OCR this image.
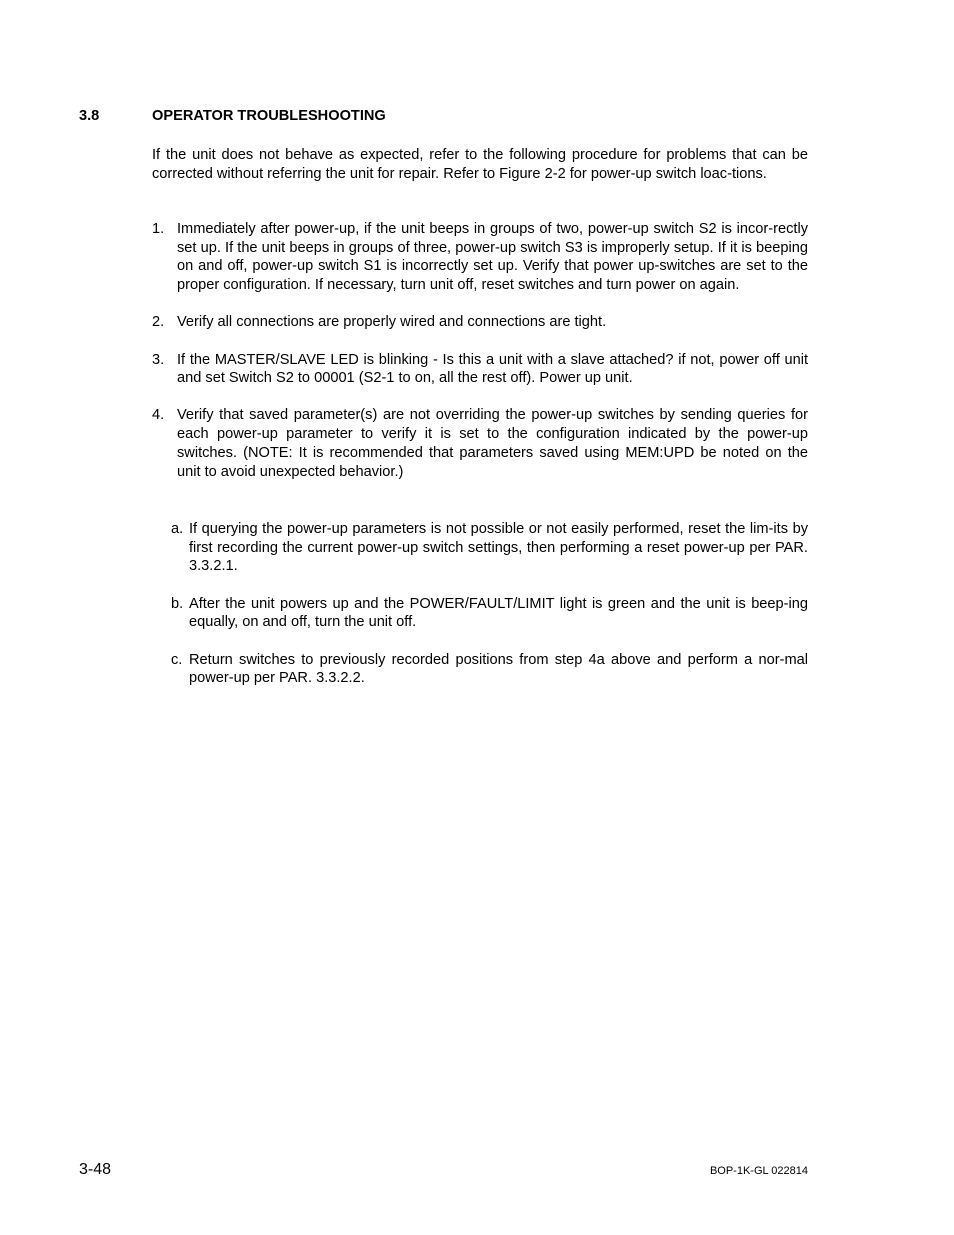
3.8	OPERATOR TROUBLESHOOTING
If the unit does not behave as expected, refer to the following procedure for problems that can be corrected without referring the unit for repair. Refer to Figure 2-2 for power-up switch loac-tions.
1. Immediately after power-up, if the unit beeps in groups of two, power-up switch S2 is incor-rectly set up. If the unit beeps in groups of three, power-up switch S3 is improperly setup. If it is beeping on and off, power-up switch S1 is incorrectly set up. Verify that power up-switches are set to the proper configuration. If necessary, turn unit off, reset switches and turn power on again.
2. Verify all connections are properly wired and connections are tight.
3. If the MASTER/SLAVE LED is blinking - Is this a unit with a slave attached? if not, power off unit and set Switch S2 to 00001 (S2-1 to on, all the rest off). Power up unit.
4. Verify that saved parameter(s) are not overriding the power-up switches by sending queries for each power-up parameter to verify it is set to the configuration indicated by the power-up switches. (NOTE: It is recommended that parameters saved using MEM:UPD be noted on the unit to avoid unexpected behavior.)
a. If querying the power-up parameters is not possible or not easily performed, reset the lim-its by first recording the current power-up switch settings, then performing a reset power-up per PAR. 3.3.2.1.
b. After the unit powers up and the POWER/FAULT/LIMIT light is green and the unit is beep-ing equally, on and off, turn the unit off.
c. Return switches to previously recorded positions from step 4a above and perform a nor-mal power-up per PAR. 3.3.2.2.
3-48	BOP-1K-GL 022814
